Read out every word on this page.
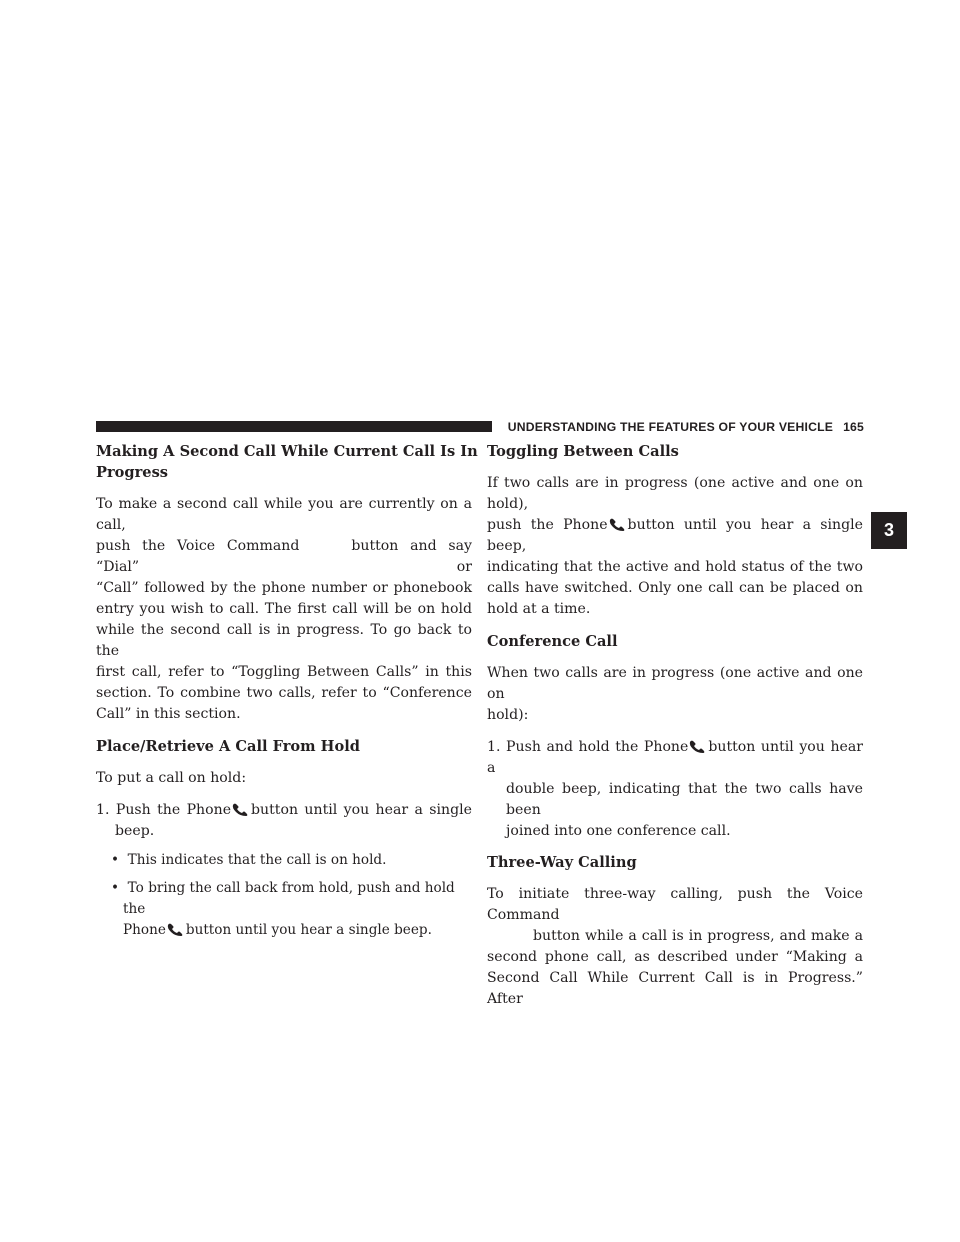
UNDERSTANDING THE FEATURES OF YOUR VEHICLE 165
3
Making A Second Call While Current Call Is In
Progress

To make a second call while you are currently on a call,
push the Voice Command	button and say “Dial” or
“Call” followed by the phone number or phonebook
entry you wish to call. The first call will be on hold
while the second call is in progress. To go back to the
first call, refer to “Toggling Between Calls” in this
section. To combine two calls, refer to “Conference
Call” in this section.

Place/Retrieve A Call From Hold

To put a call on hold:

1. Push the Phone button until you hear a single
beep.
•  This indicates that the call is on hold.
•  To bring the call back from hold, push and hold the
Phone button until you hear a single beep.
Toggling Between Calls

If two calls are in progress (one active and one on hold),
push the Phone button until you hear a single beep,
indicating that the active and hold status of the two
calls have switched. Only one call can be placed on
hold at a time.

Conference Call

When two calls are in progress (one active and one on
hold):

1. Push and hold the Phone button until you hear a
double beep, indicating that the two calls have been
joined into one conference call.
Three-Way Calling

To initiate three-way calling, push the Voice Command
button while a call is in progress, and make a
second phone call, as described under “Making a
Second Call While Current Call is in Progress.” After
